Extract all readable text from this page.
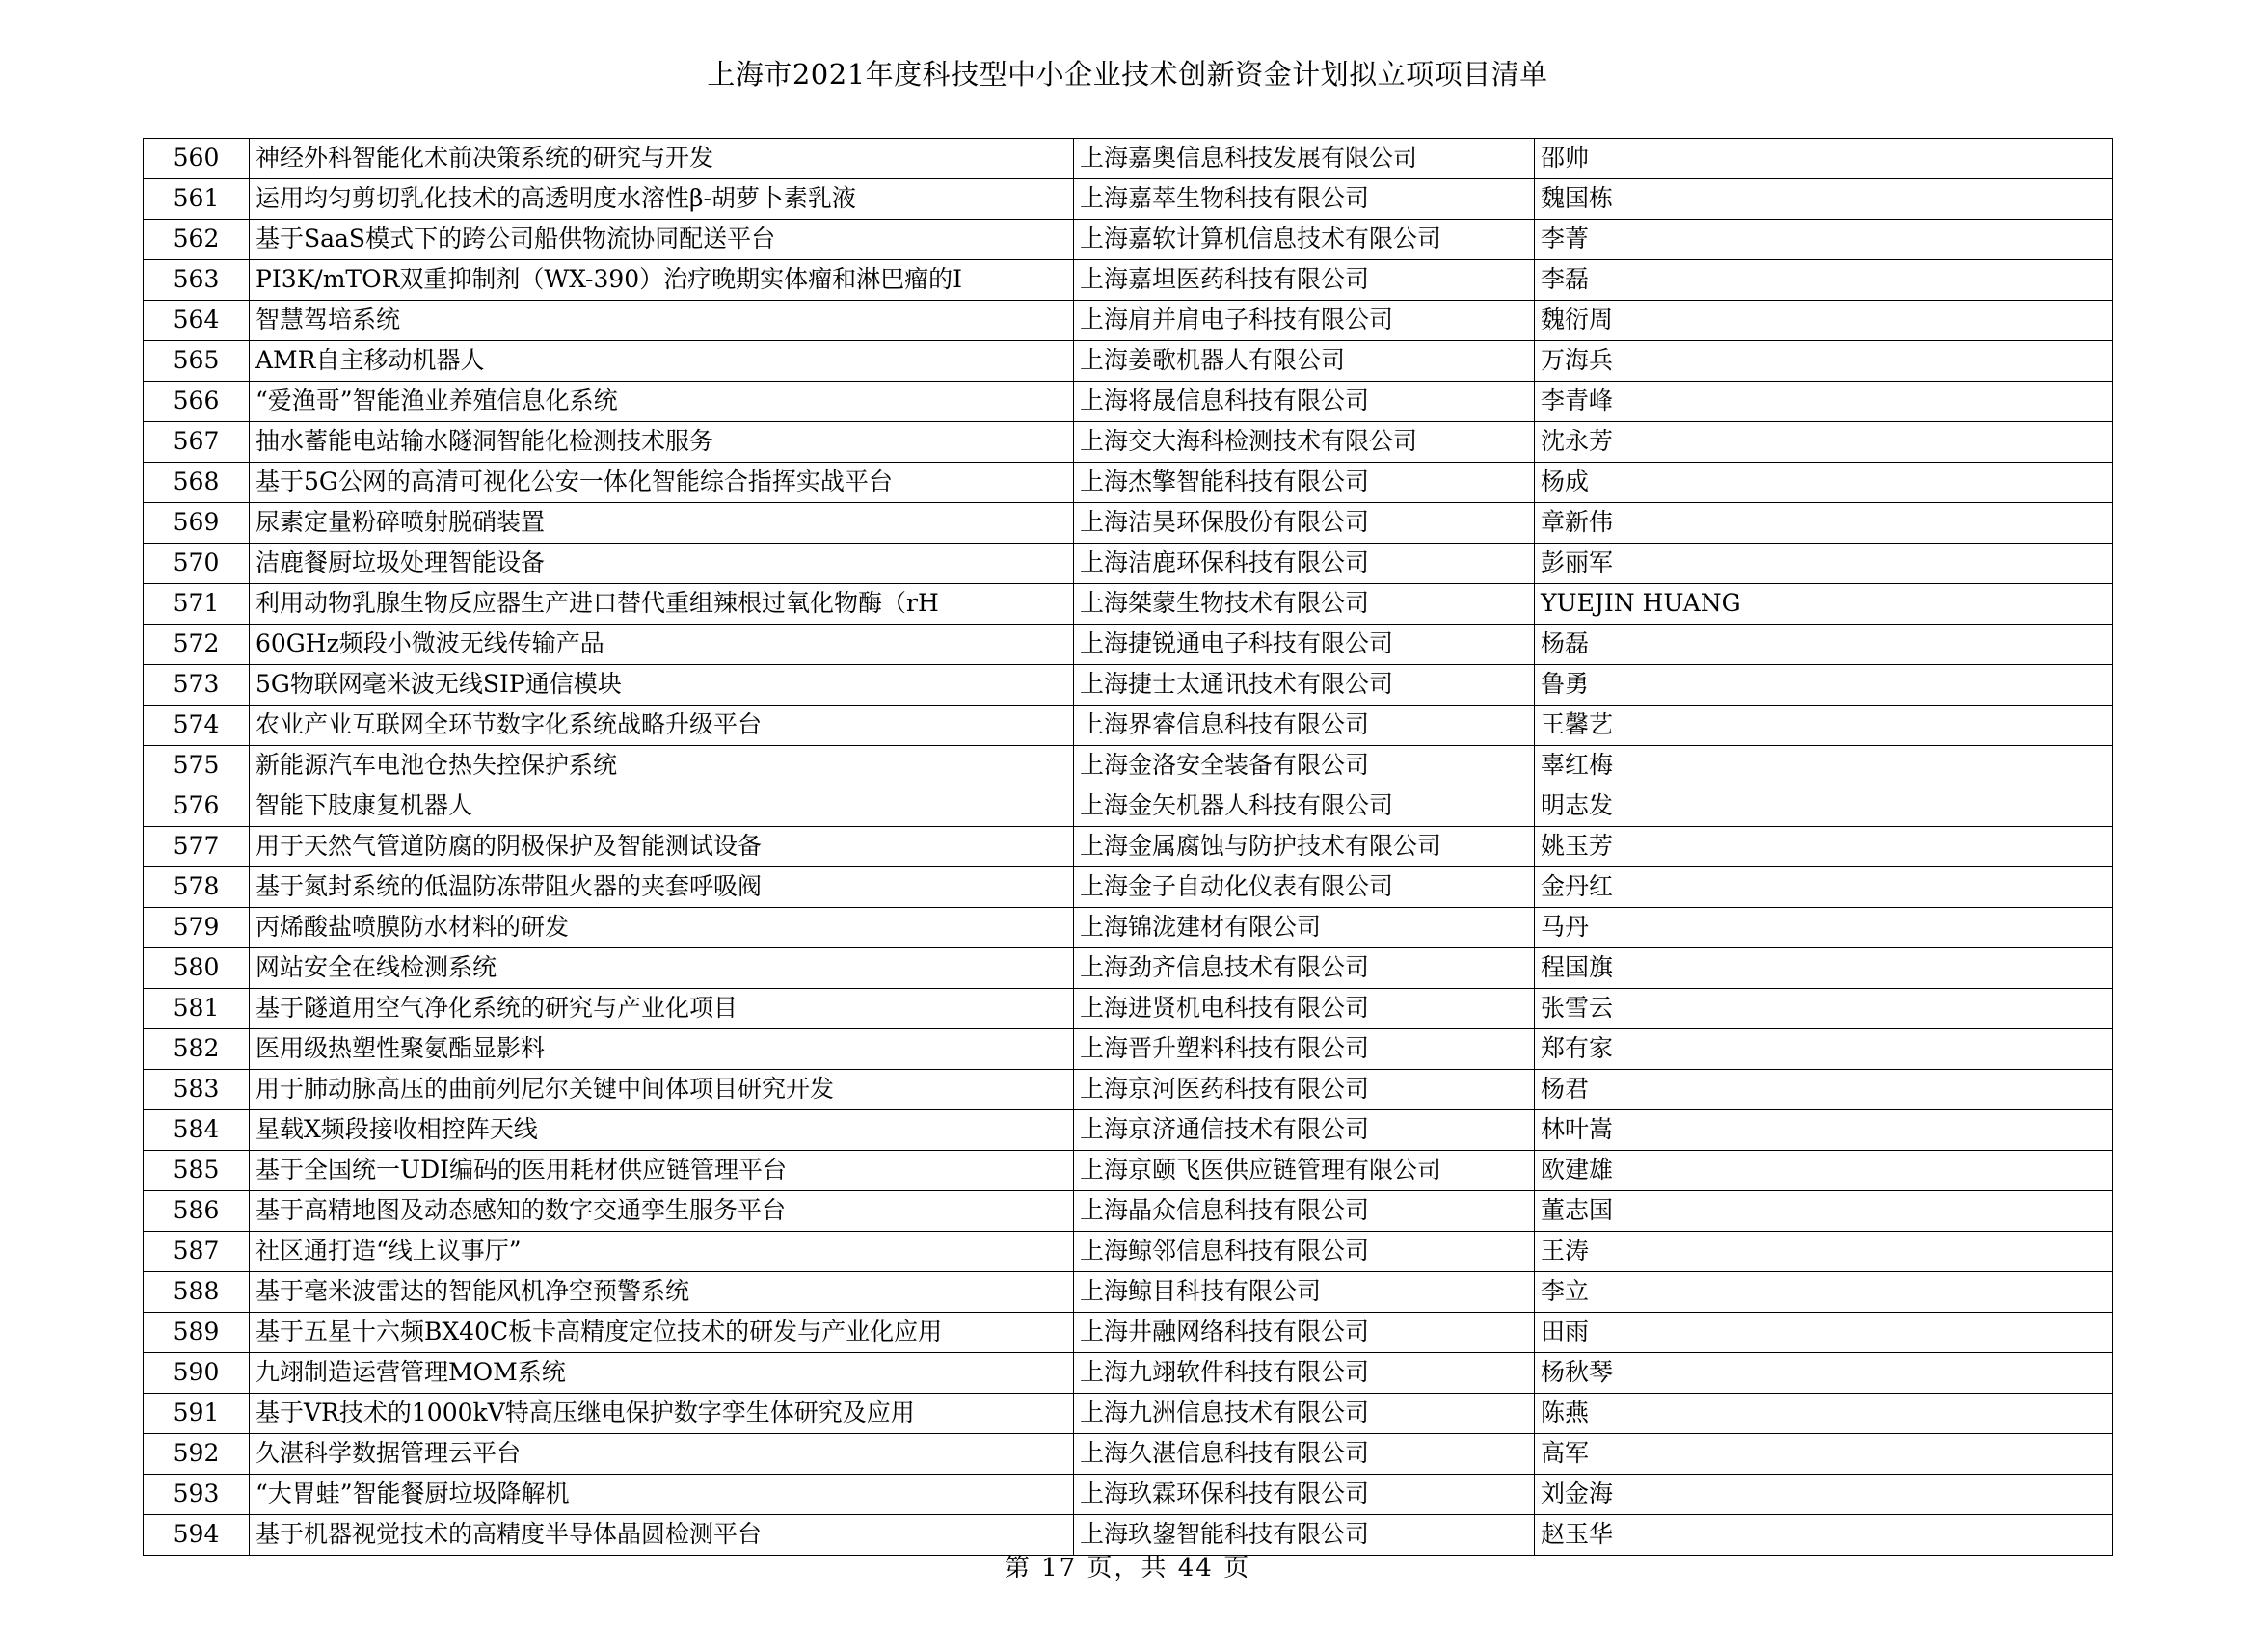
上海市2021年度科技型中小企业技术创新资金计划拟立项项目清单
560	神经外科智能化术前决策系统的研究与开发	上海嘉奥信息科技发展有限公司	邵帅
561	运用均匀剪切乳化技术的高透明度水溶性β-胡萝卜素乳液	上海嘉萃生物科技有限公司	魏国栋
562	基于SaaS模式下的跨公司船供物流协同配送平台	上海嘉软计算机信息技术有限公司	李菁
563	PI3K/mTOR双重抑制剂（WX-390）治疗晚期实体瘤和淋巴瘤的Ⅰ	上海嘉坦医药科技有限公司	李磊
564	智慧驾培系统	上海肩并肩电子科技有限公司	魏衍周
565	AMR自主移动机器人	上海姜歌机器人有限公司	万海兵
566	“爱渔哥”智能渔业养殖信息化系统	上海将晟信息科技有限公司	李青峰
567	抽水蓄能电站输水隧洞智能化检测技术服务	上海交大海科检测技术有限公司	沈永芳
568	基于5G公网的高清可视化公安一体化智能综合指挥实战平台	上海杰擎智能科技有限公司	杨成
569	尿素定量粉碎喷射脱硝装置	上海洁昊环保股份有限公司	章新伟
570	洁鹿餐厨垃圾处理智能设备	上海洁鹿环保科技有限公司	彭丽军
571	利用动物乳腺生物反应器生产进口替代重组辣根过氧化物酶（rH	上海桀蒙生物技术有限公司	YUEJIN HUANG
572	60GHz频段小微波无线传输产品	上海捷锐通电子科技有限公司	杨磊
573	5G物联网毫米波无线SIP通信模块	上海捷士太通讯技术有限公司	鲁勇
574	农业产业互联网全环节数字化系统战略升级平台	上海界睿信息科技有限公司	王馨艺
575	新能源汽车电池仓热失控保护系统	上海金洛安全装备有限公司	辜红梅
576	智能下肢康复机器人	上海金矢机器人科技有限公司	明志发
577	用于天然气管道防腐的阴极保护及智能测试设备	上海金属腐蚀与防护技术有限公司	姚玉芳
578	基于氮封系统的低温防冻带阻火器的夹套呼吸阀	上海金子自动化仪表有限公司	金丹红
579	丙烯酸盐喷膜防水材料的研发	上海锦泷建材有限公司	马丹
580	网站安全在线检测系统	上海劲齐信息技术有限公司	程国旗
581	基于隧道用空气净化系统的研究与产业化项目	上海进贤机电科技有限公司	张雪云
582	医用级热塑性聚氨酯显影料	上海晋升塑料科技有限公司	郑有家
583	用于肺动脉高压的曲前列尼尔关键中间体项目研究开发	上海京河医药科技有限公司	杨君
584	星载X频段接收相控阵天线	上海京济通信技术有限公司	林叶嵩
585	基于全国统一UDI编码的医用耗材供应链管理平台	上海京颐飞医供应链管理有限公司	欧建雄
586	基于高精地图及动态感知的数字交通孪生服务平台	上海晶众信息科技有限公司	董志国
587	社区通打造“线上议事厅”	上海鲸邻信息科技有限公司	王涛
588	基于毫米波雷达的智能风机净空预警系统	上海鲸目科技有限公司	李立
589	基于五星十六频BX40C板卡高精度定位技术的研发与产业化应用	上海井融网络科技有限公司	田雨
590	九翊制造运营管理MOM系统	上海九翊软件科技有限公司	杨秋琴
591	基于VR技术的1000kV特高压继电保护数字孪生体研究及应用	上海九洲信息技术有限公司	陈燕
592	久湛科学数据管理云平台	上海久湛信息科技有限公司	高军
593	“大胃蛙”智能餐厨垃圾降解机	上海玖霖环保科技有限公司	刘金海
594	基于机器视觉技术的高精度半导体晶圆检测平台	上海玖鋆智能科技有限公司	赵玉华
第 17 页，共 44 页
